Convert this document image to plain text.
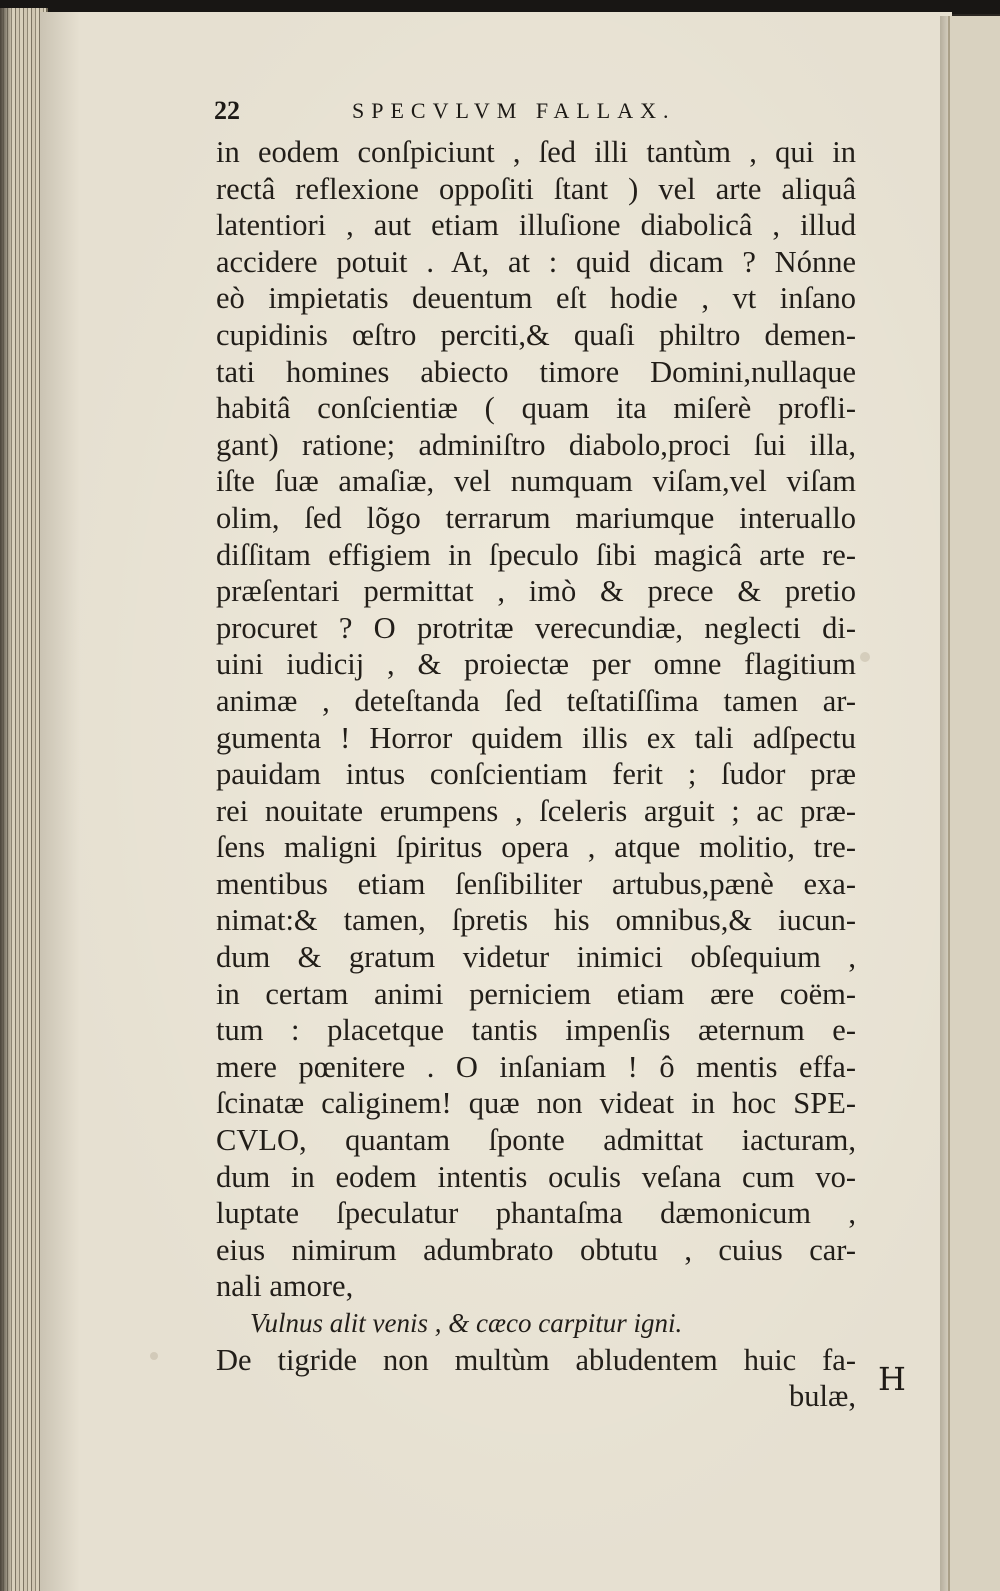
H
22	SPECVLVM FALLAX.
in eodem conſpiciunt , ſed illi tantùm , qui in
rectâ reflexione oppoſiti ſtant ) vel arte aliquâ
latentiori , aut etiam illuſione diabolicâ , illud
accidere potuit . At, at : quid dicam ? Nónne
eò impietatis deuentum eſt hodie , vt inſano
cupidinis œſtro perciti,& quaſi philtro demen-
tati homines abiecto timore Domini,nullaque
habitâ conſcientiæ ( quam ita miſerè profli-
gant) ratione; adminiſtro diabolo,proci ſui illa,
iſte ſuæ amaſiæ, vel numquam viſam,vel viſam
olim, ſed lõgo terrarum mariumque interuallo
diſſitam effigiem in ſpeculo ſibi magicâ arte re-
præſentari permittat , imò & prece & pretio
procuret ? O protritæ verecundiæ, neglecti di-
uini iudicij , & proiectæ per omne flagitium
animæ , deteſtanda ſed teſtatiſſima tamen ar-
gumenta ! Horror quidem illis ex tali adſpectu
pauidam intus conſcientiam ferit ; ſudor præ
rei nouitate erumpens , ſceleris arguit ; ac præ-
ſens maligni ſpiritus opera , atque molitio, tre-
mentibus etiam ſenſibiliter artubus,pænè exa-
nimat:& tamen, ſpretis his omnibus,& iucun-
dum & gratum videtur inimici obſequium ,
in certam animi perniciem etiam ære coëm-
tum : placetque tantis impenſis æternum e-
mere pœnitere . O inſaniam ! ô mentis effa-
ſcinatæ caliginem! quæ non videat in hoc SPE-
CVLO, quantam ſponte admittat iacturam,
dum in eodem intentis oculis veſana cum vo-
luptate ſpeculatur phantaſma dæmonicum ,
eius nimirum adumbrato obtutu , cuius car-
nali amore,
Vulnus alit venis , & cæco carpitur igni.
De tigride non multùm abludentem huic fa-
bulæ,
